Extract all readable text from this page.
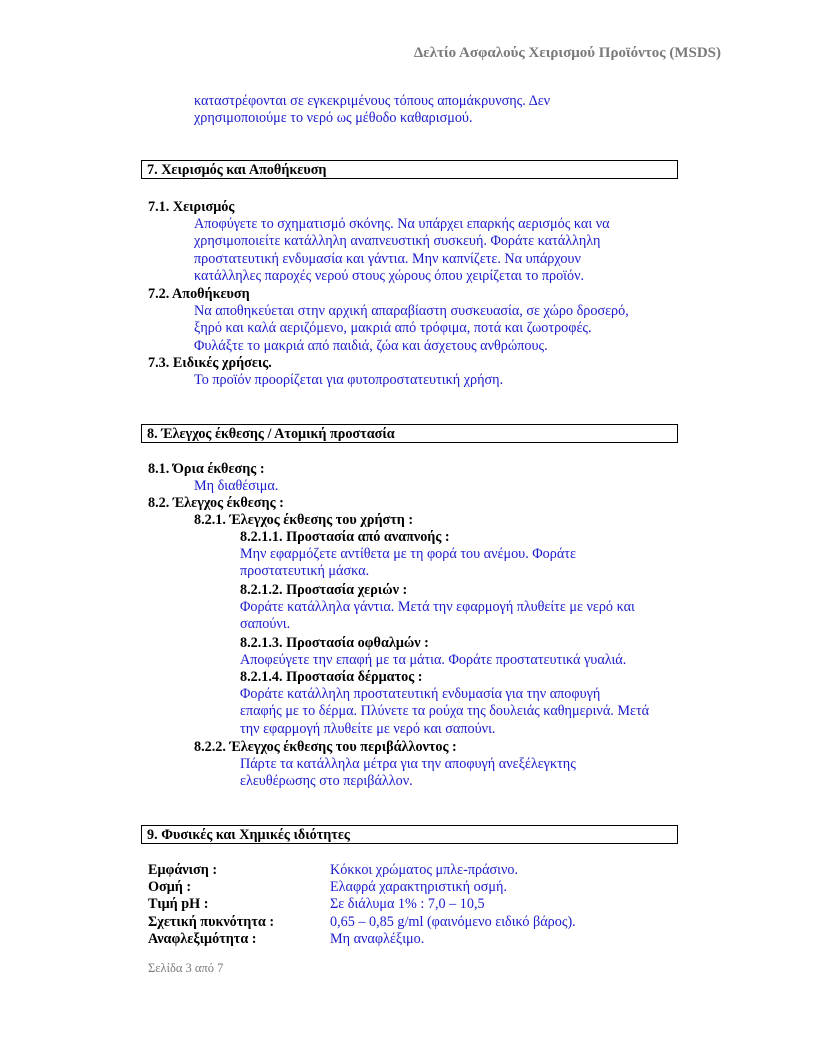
Δελτίο Ασφαλούς Χειρισμού Προϊόντος (MSDS)
καταστρέφονται σε εγκεκριμένους τόπους απομάκρυνσης. Δεν
χρησιμοποιούμε το νερό ως μέθοδο καθαρισμού.
7. Χειρισμός και Αποθήκευση
7.1. Χειρισμός
Αποφύγετε το σχηματισμό σκόνης. Να υπάρχει επαρκής αερισμός και να
χρησιμοποιείτε κατάλληλη αναπνευστική συσκευή. Φοράτε κατάλληλη
προστατευτική ενδυμασία και γάντια. Μην καπνίζετε. Να υπάρχουν
κατάλληλες παροχές νερού στους χώρους όπου χειρίζεται το προϊόν.
7.2. Αποθήκευση
Να αποθηκεύεται στην αρχική απαραβίαστη συσκευασία, σε χώρο δροσερό,
ξηρό και καλά αεριζόμενο, μακριά από τρόφιμα, ποτά και ζωοτροφές.
Φυλάξτε το μακριά από παιδιά, ζώα και άσχετους ανθρώπους.
7.3. Ειδικές χρήσεις.
Το προϊόν προορίζεται για φυτοπροστατευτική χρήση.
8. Έλεγχος έκθεσης / Ατομική προστασία
8.1. Όρια έκθεσης :
Μη διαθέσιμα.
8.2. Έλεγχος έκθεσης :
8.2.1. Έλεγχος έκθεσης του χρήστη :
8.2.1.1. Προστασία από αναπνοής :
Μην εφαρμόζετε αντίθετα με τη φορά του ανέμου. Φοράτε
προστατευτική μάσκα.
8.2.1.2. Προστασία χεριών :
Φοράτε κατάλληλα γάντια. Μετά την εφαρμογή πλυθείτε με νερό και
σαπούνι.
8.2.1.3. Προστασία οφθαλμών :
Αποφεύγετε την επαφή με τα μάτια. Φοράτε προστατευτικά γυαλιά.
8.2.1.4. Προστασία δέρματος :
Φοράτε κατάλληλη προστατευτική ενδυμασία για την αποφυγή
επαφής με το δέρμα. Πλύνετε τα ρούχα της δουλειάς καθημερινά. Μετά
την εφαρμογή πλυθείτε με νερό και σαπούνι.
8.2.2. Έλεγχος έκθεσης του περιβάλλοντος :
Πάρτε τα κατάλληλα μέτρα για την αποφυγή ανεξέλεγκτης
ελευθέρωσης στο περιβάλλον.
9. Φυσικές και Χημικές ιδιότητες
Εμφάνιση :	Κόκκοι χρώματος μπλε-πράσινο.
Οσμή :	Ελαφρά χαρακτηριστική οσμή.
Τιμή pH :	Σε διάλυμα 1% : 7,0 – 10,5
Σχετική πυκνότητα :	0,65 – 0,85 g/ml (φαινόμενο ειδικό βάρος).
Αναφλεξιμότητα :	Μη αναφλέξιμο.
Σελίδα 3 από 7
